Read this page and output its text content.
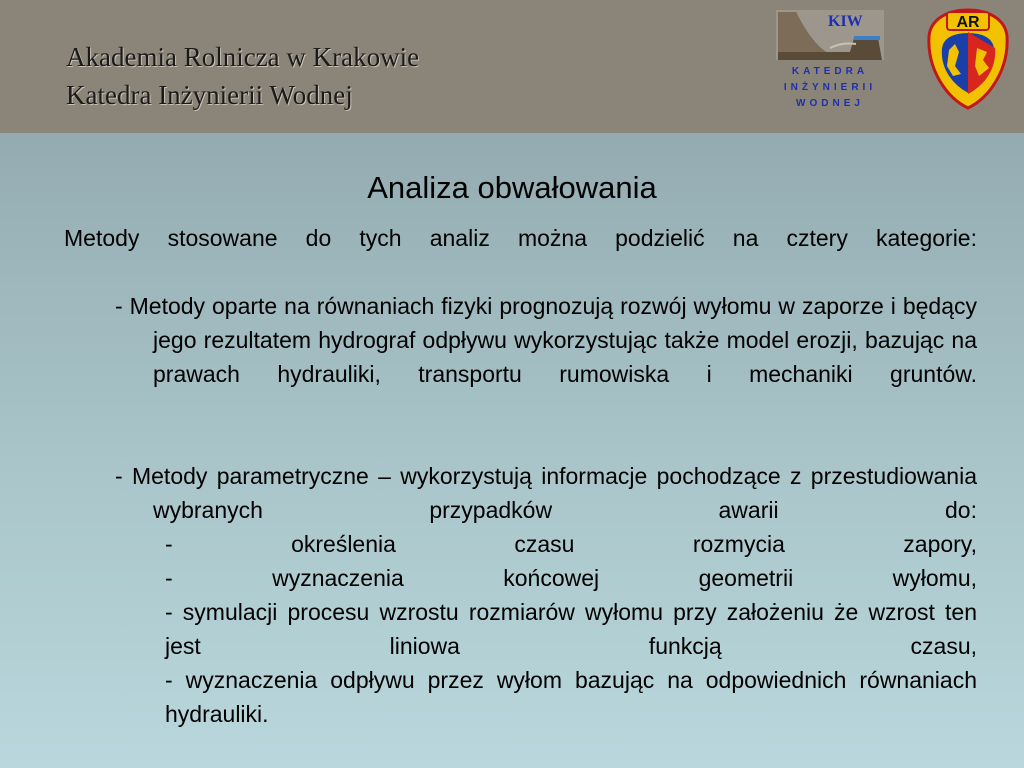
Akademia Rolnicza w Krakowie
Katedra Inżynierii Wodnej
KIW
KATEDRA
INŻYNIERII
WODNEJ
AR
Analiza obwałowania
Metody stosowane do tych analiz można podzielić na cztery kategorie:
- Metody oparte na równaniach fizyki prognozują rozwój wyłomu w zaporze i będący jego rezultatem hydrograf odpływu wykorzystując także model erozji, bazując na prawach hydrauliki, transportu rumowiska i mechaniki gruntów.
- Metody parametryczne – wykorzystują informacje pochodzące z przestudiowania wybranych przypadków awarii do:
- określenia czasu rozmycia zapory,
- wyznaczenia końcowej geometrii wyłomu,
- symulacji procesu wzrostu rozmiarów wyłomu przy założeniu że wzrost ten jest liniowa funkcją czasu,
- wyznaczenia odpływu przez wyłom bazując na odpowiednich równaniach hydrauliki.
